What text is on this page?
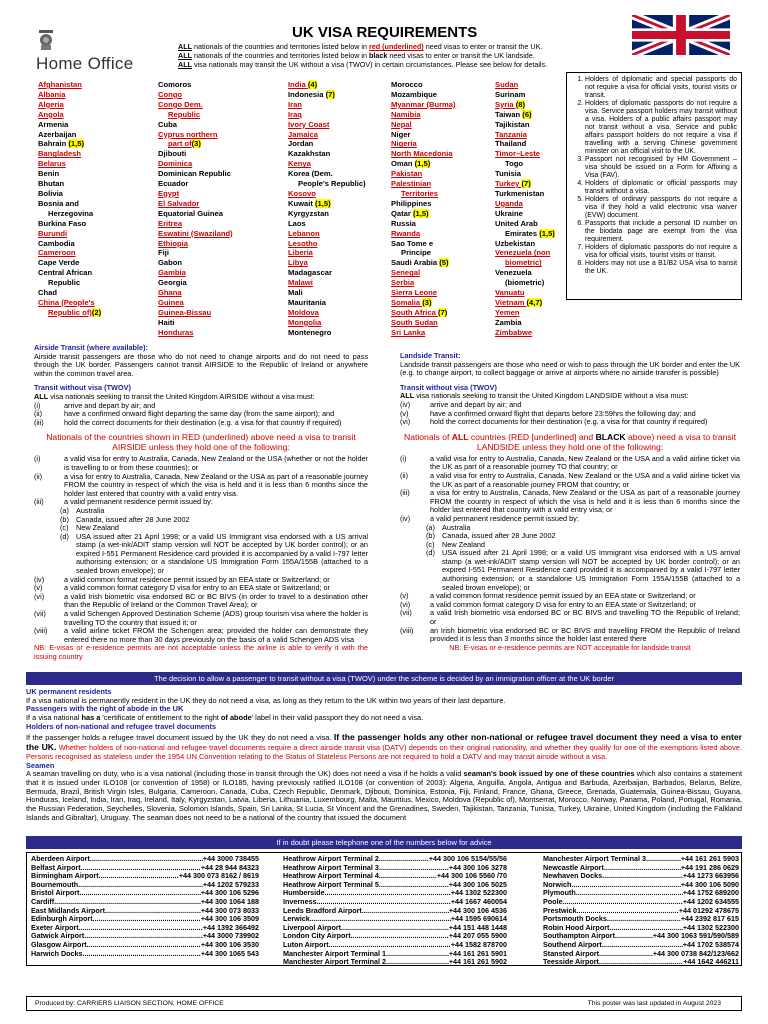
Home Office
UK VISA REQUIREMENTS
ALL nationals of the countries and territories listed below in red (underlined) need visas to enter or transit the UK.
ALL nationals of the countries and territories listed below in black need visas to enter or transit the UK landside.
ALL visa nationals may transit the UK without a visa (TWOV) in certain circumstances. Please see below for details.
Afghanistan
Albania
Algeria
Angola
Armenia
Azerbaijan
Bahrain (1,5)
Bangladesh
Belarus
Benin
Bhutan
Bolivia
Bosnia and
Herzegovina
Burkina Faso
Burundi
Cambodia
Cameroon
Cape Verde
Central African
Republic
Chad
China (People's
Republic of)(2)
Comoros
Congo
Congo Dem.
Republic
Cuba
Cyprus northern
part of(3)
Djibouti
Dominica
Dominican Republic
Ecuador
Egypt
El Salvador
Equatorial Guinea
Eritrea
Eswatini (Swaziland)
Ethiopia
Fiji
Gabon
Gambia
Georgia
Ghana
Guinea
Guinea-Bissau
Haiti
Honduras
India (4)
Indonesia (7)
Iran
Iraq
Ivory Coast
Jamaica
Jordan
Kazakhstan
Kenya
Korea (Dem.
People's Republic)
Kosovo
Kuwait (1,5)
Kyrgyzstan
Laos
Lebanon
Lesotho
Liberia
Libya
Madagascar
Malawi
Mali
Mauritania
Moldova
Mongolia
Montenegro
Morocco
Mozambique
Myanmar (Burma)
Namibia
Nepal
Niger
Nigeria
North Macedonia
Oman (1,5)
Pakistan
Palestinian
Territories
Philippines
Qatar (1,5)
Russia
Rwanda
Sao Tome e
Principe
Saudi Arabia (5)
Senegal
Serbia
Sierra Leone
Somalia (3)
South Africa (7)
South Sudan
Sri Lanka
Sudan
Surinam
Syria (8)
Taiwan (6)
Tajikistan
Tanzania
Thailand
Timor–Leste
Togo
Tunisia
Turkey (7)
Turkmenistan
Uganda
Ukraine
United Arab
Emirates (1,5)
Uzbekistan
Venezuela (non
biometric)
Venezuela
(biometric)
Vanuatu
Vietnam (4,7)
Yemen
Zambia
Zimbabwe
1. Holders of diplomatic and special passports do not require a visa for official visits, tourist visits or transit.
2. Holders of diplomatic passports do not require a visa. Service passport holders may transit without a visa. Holders of a public affairs passport may not transit without a visa. Service and public affairs passport holders do not require a visa if travelling with a serving Chinese government minister on an official visit to the UK.
3. Passport not recognised by HM Government – visa should be issued on a Form for Affixing a Visa (FAV).
4. Holders of diplomatic or official passports may transit without a visa.
5. Holders of ordinary passports do not require a visa if they hold a valid electronic visa waiver (EVW) document.
6. Passports that include a personal ID number on the biodata page are exempt from the visa requirement.
7. Holders of diplomatic passports do not require a visa for official visits, tourist visits or transit.
8. Holders may not use a B1/B2 USA visa to transit the UK.
Airside Transit (where available):
Airside transit passengers are those who do not need to change airports and do not need to pass through the UK border. Passengers cannot transit AIRSIDE to the Republic of Ireland or anywhere within the common travel area.
Transit without visa (TWOV)
ALL visa nationals seeking to transit the United Kingdom AIRSIDE without a visa must:
(i)	arrive and depart by air; and
(ii)	have a confirmed onward flight departing the same day (from the same airport); and
(iii)	hold the correct documents for their destination (e.g. a visa for that country if required)
Nationals of the countries shown in RED (underlined) above need a visa to transit AIRSIDE unless they hold one of the following:
(i)	a valid visa for entry to Australia, Canada, New Zealand or the USA (whether or not the holder is travelling to or from these countries); or
(ii)	a visa for entry to Australia, Canada, New Zealand or the USA as part of a reasonable journey FROM the country in respect of which the visa is held and it is less than 6 months since the holder last entered that country with a valid entry visa.
(iii)	a valid permanent residence permit issued by:
(a) Australia
(b) Canada, issued after 28 June 2002
(c)	New Zealand
(d) USA issued after 21 April 1998; or a valid US Immigrant visa endorsed with a US arrival stamp (a wet-ink/ADIT stamp version will NOT be accepted by UK border control); or an expired I-551 Permanent Residence card provided it is accompanied by a valid I-797 letter authorising extension; or a standalone US Immigration Form 155A/155B (attached to a sealed brown envelope); or
(iv)	a valid common format residence permit issued by an EEA state or Switzerland; or
(v)	a valid common format category D visa for entry to an EEA state or Switzerland; or
(vi)	a valid Irish biometric visa endorsed BC or BC BIVS (in order to travel to a destination other than the Republic of Ireland or the Common Travel Area); or
(vii)	a valid Schengen Approved Destination Scheme (ADS) group tourism visa where the holder is travelling TO the country that issued it; or
(viii)	a valid airline ticket FROM the Schengen area; provided the holder can demonstrate they entered there no more than 30 days previously on the basis of a valid Schengen ADS visa
NB: E-visas or e-residence permits are not acceptable unless the airline is able to verify it with the issuing country
Landside Transit:
Landside transit passengers are those who need or wish to pass through the UK border and enter the UK (e.g. to change airport, to collect baggage or arrive at airports where no airside transfer is possible)
Transit without visa (TWOV)
ALL visa nationals seeking to transit the United Kingdom LANDSIDE without a visa must:
(iv)	arrive and depart by air; and
(v)	have a confirmed onward flight that departs before 23:59hrs the following day; and
(vi)	hold the correct documents for their destination (e.g. a visa for that country if required)
Nationals of ALL countries (RED [underlined] and BLACK above) need a visa to transit LANDSIDE unless they hold one of the following:
(i)	a valid visa for entry to Australia, Canada, New Zealand or the USA and a valid airline ticket via the UK as part of a reasonable journey TO that country; or
(ii)	a valid visa for entry to Australia, Canada, New Zealand or the USA and a valid airline ticket via the UK as part of a reasonable journey FROM that country; or
(iii)	a visa for entry to Australia, Canada, New Zealand or the USA as part of a reasonable journey FROM the country in respect of which the visa is held and it is less than 6 months since the holder last entered that country with a valid entry visa; or
(iv)	a valid permanent residence permit issued by:
(a) Australia
(b) Canada, issued after 28 June 2002
(c)	New Zealand
(d) USA issued after 21 April 1998; or a valid US Immigrant visa endorsed with a US arrival stamp (a wet-ink/ADIT stamp version will NOT be accepted by UK border control); or an expired I-551 Permanent Residence card provided it is accompanied by a valid I-797 letter authorising extension; or a standalone US Immigration Form 155A/155B (attached to a sealed brown envelope); or
(v)	a valid common format residence permit issued by an EEA state or Switzerland; or
(vi)	a valid common format category D visa for entry to an EEA state or Switzerland; or
(vii)	a valid Irish biometric visa endorsed BC or BC BIVS and travelling TO the Republic of Ireland; or
(viii)	an Irish biometric visa endorsed BC or BC BIVS and travelling FROM the Republic of Ireland provided it is less than 3 months since the holder last entered there
NB: E-visas or e-residence permits are NOT acceptable for landside transit
The decision to allow a passenger to transit without a visa (TWOV) under the scheme is decided by an immigration officer at the UK border
UK permanent residents
If a visa national is permanently resident in the UK they do not need a visa, as long as they return to the UK within two years of their last departure.
Passengers with the right of abode in the UK
If a visa national has a 'certificate of entitlement to the right of abode' label in their valid passport they do not need a visa.
Holders of non-national and refugee travel documents
If the passenger holds a refugee travel document issued by the UK they do not need a visa. If the passenger holds any other non-national or refugee travel document they need a visa to enter the UK. Whether holders of non-national and refugee travel documents require a direct airside transit visa (DATV) depends on their original nationality, and whether they qualify for one of the exemptions listed above. Persons recognised as stateless under the 1954 UN Convention relating to the Status of Stateless Persons are not required to hold a DATV and may transit airside without a visa.
Seamen
A seaman travelling on duty, who is a visa national (including those in transit through the UK) does not need a visa if he holds a valid seaman's book issued by one of these countries which also contains a statement that it is issued under ILO108 (or convention of 1958) or ILO185, having previously ratified ILO108 (or convention of 2003): Algeria, Anguilla, Angola, Antigua and Barbuda, Azerbaijan, Barbados, Belarus, Belize, Bermuda, Brazil, British Virgin Isles, Bulgaria, Cameroon, Canada, Cuba, Czech Republic, Denmark, Djibouti, Dominica, Estonia, Fiji, Finland, France, Ghana, Greece, Grenada, Guatemala, Guinea-Bissau, Guyana, Honduras, Iceland, India, Iran, Iraq, Ireland, Italy, Kyrgyzstan, Latvia, Liberia, Lithuania, Luxembourg, Malta, Mauritius, Mexico, Moldova (Republic of), Montserrat, Morocco, Norway, Panama, Poland, Portugal, Romania, the Russian Federation, Seychelles, Slovenia, Solomon Islands, Spain, Sri Lanka, St Lucia, St Vincent and the Grenadines, Sweden, Tajikistan, Tanzania, Tunisia, Turkey, Ukraine, United Kingdom (including the Falkland Islands and Gibraltar), Uruguay. The seaman does not need to be a national of the country that issued the document
If in doubt please telephone one of the numbers below for advice
Aberdeen Airport .....	+44 3000 738455
Belfast Airport .....	+44 28 944 84323
Birmingham Airport .....	+44 300 073 8162 / 8619
Bournemouth .....	+44 1202 579233
Bristol Airport .....	+44 300 106 5296
Cardiff .....	+44 300 1064 188
East Midlands Airport .....	+44 300 073 8033
Edinburgh Airport .....	+44 300 106 3509
Exeter Airport .....	+44 1392 366492
Gatwick Airport .....	+44 3000 739902
Glasgow Airport .....	+44 300 106 3530
Harwich Docks .....	+44 300 1065 543
Heathrow Airport Terminal 2 .....	+44 300 106 5154/55/56
Heathrow Airport Terminal 3 .....	+44 300 106 3278
Heathrow Airport Terminal 4 .....	+44 300 106 5560 /70
Heathrow Airport Terminal 5 .....	+44 300 106 5025
Humberside .....	+44 1302 522300
Inverness .....	+44 1667 460054
Leeds Bradford Airport .....	+44 300 106 4536
Lerwick .....	+44 1595 690614
Liverpool Airport .....	+44 151 448 1448
London City Airport .....	+44 207 055 5900
Luton Airport .....	+44 1582 878700
Manchester Airport Terminal 1 .....	+44 161 261 5901
Manchester Airport Terminal 2 .....	+44 161 261 5902
Manchester Airport Terminal 3 .....	+44 161 261 5903
Newcastle Airport .....	+44 191 286 0629
Newhaven Docks .....	+44 1273 663956
Norwich .....	+44 300 106 5090
Plymouth .....	+44 1752 689200
Poole .....	+44 1202 634555
Prestwick .....	+44 01292 478675
Portsmouth Docks .....	+44 2392 817 615
Robin Hood Airport .....	+44 1302 522300
Southampton Airport .....	+44 300 1063 591/590/589
Southend Airport .....	+44 1702 538574
Stansted Airport .....	+44 300 0738 842/123/662
Teesside Airport .....	+44 1642 446211
Produced by: CARRIERS LIAISON SECTION, HOME OFFICE	This poster was last updated in August 2023
